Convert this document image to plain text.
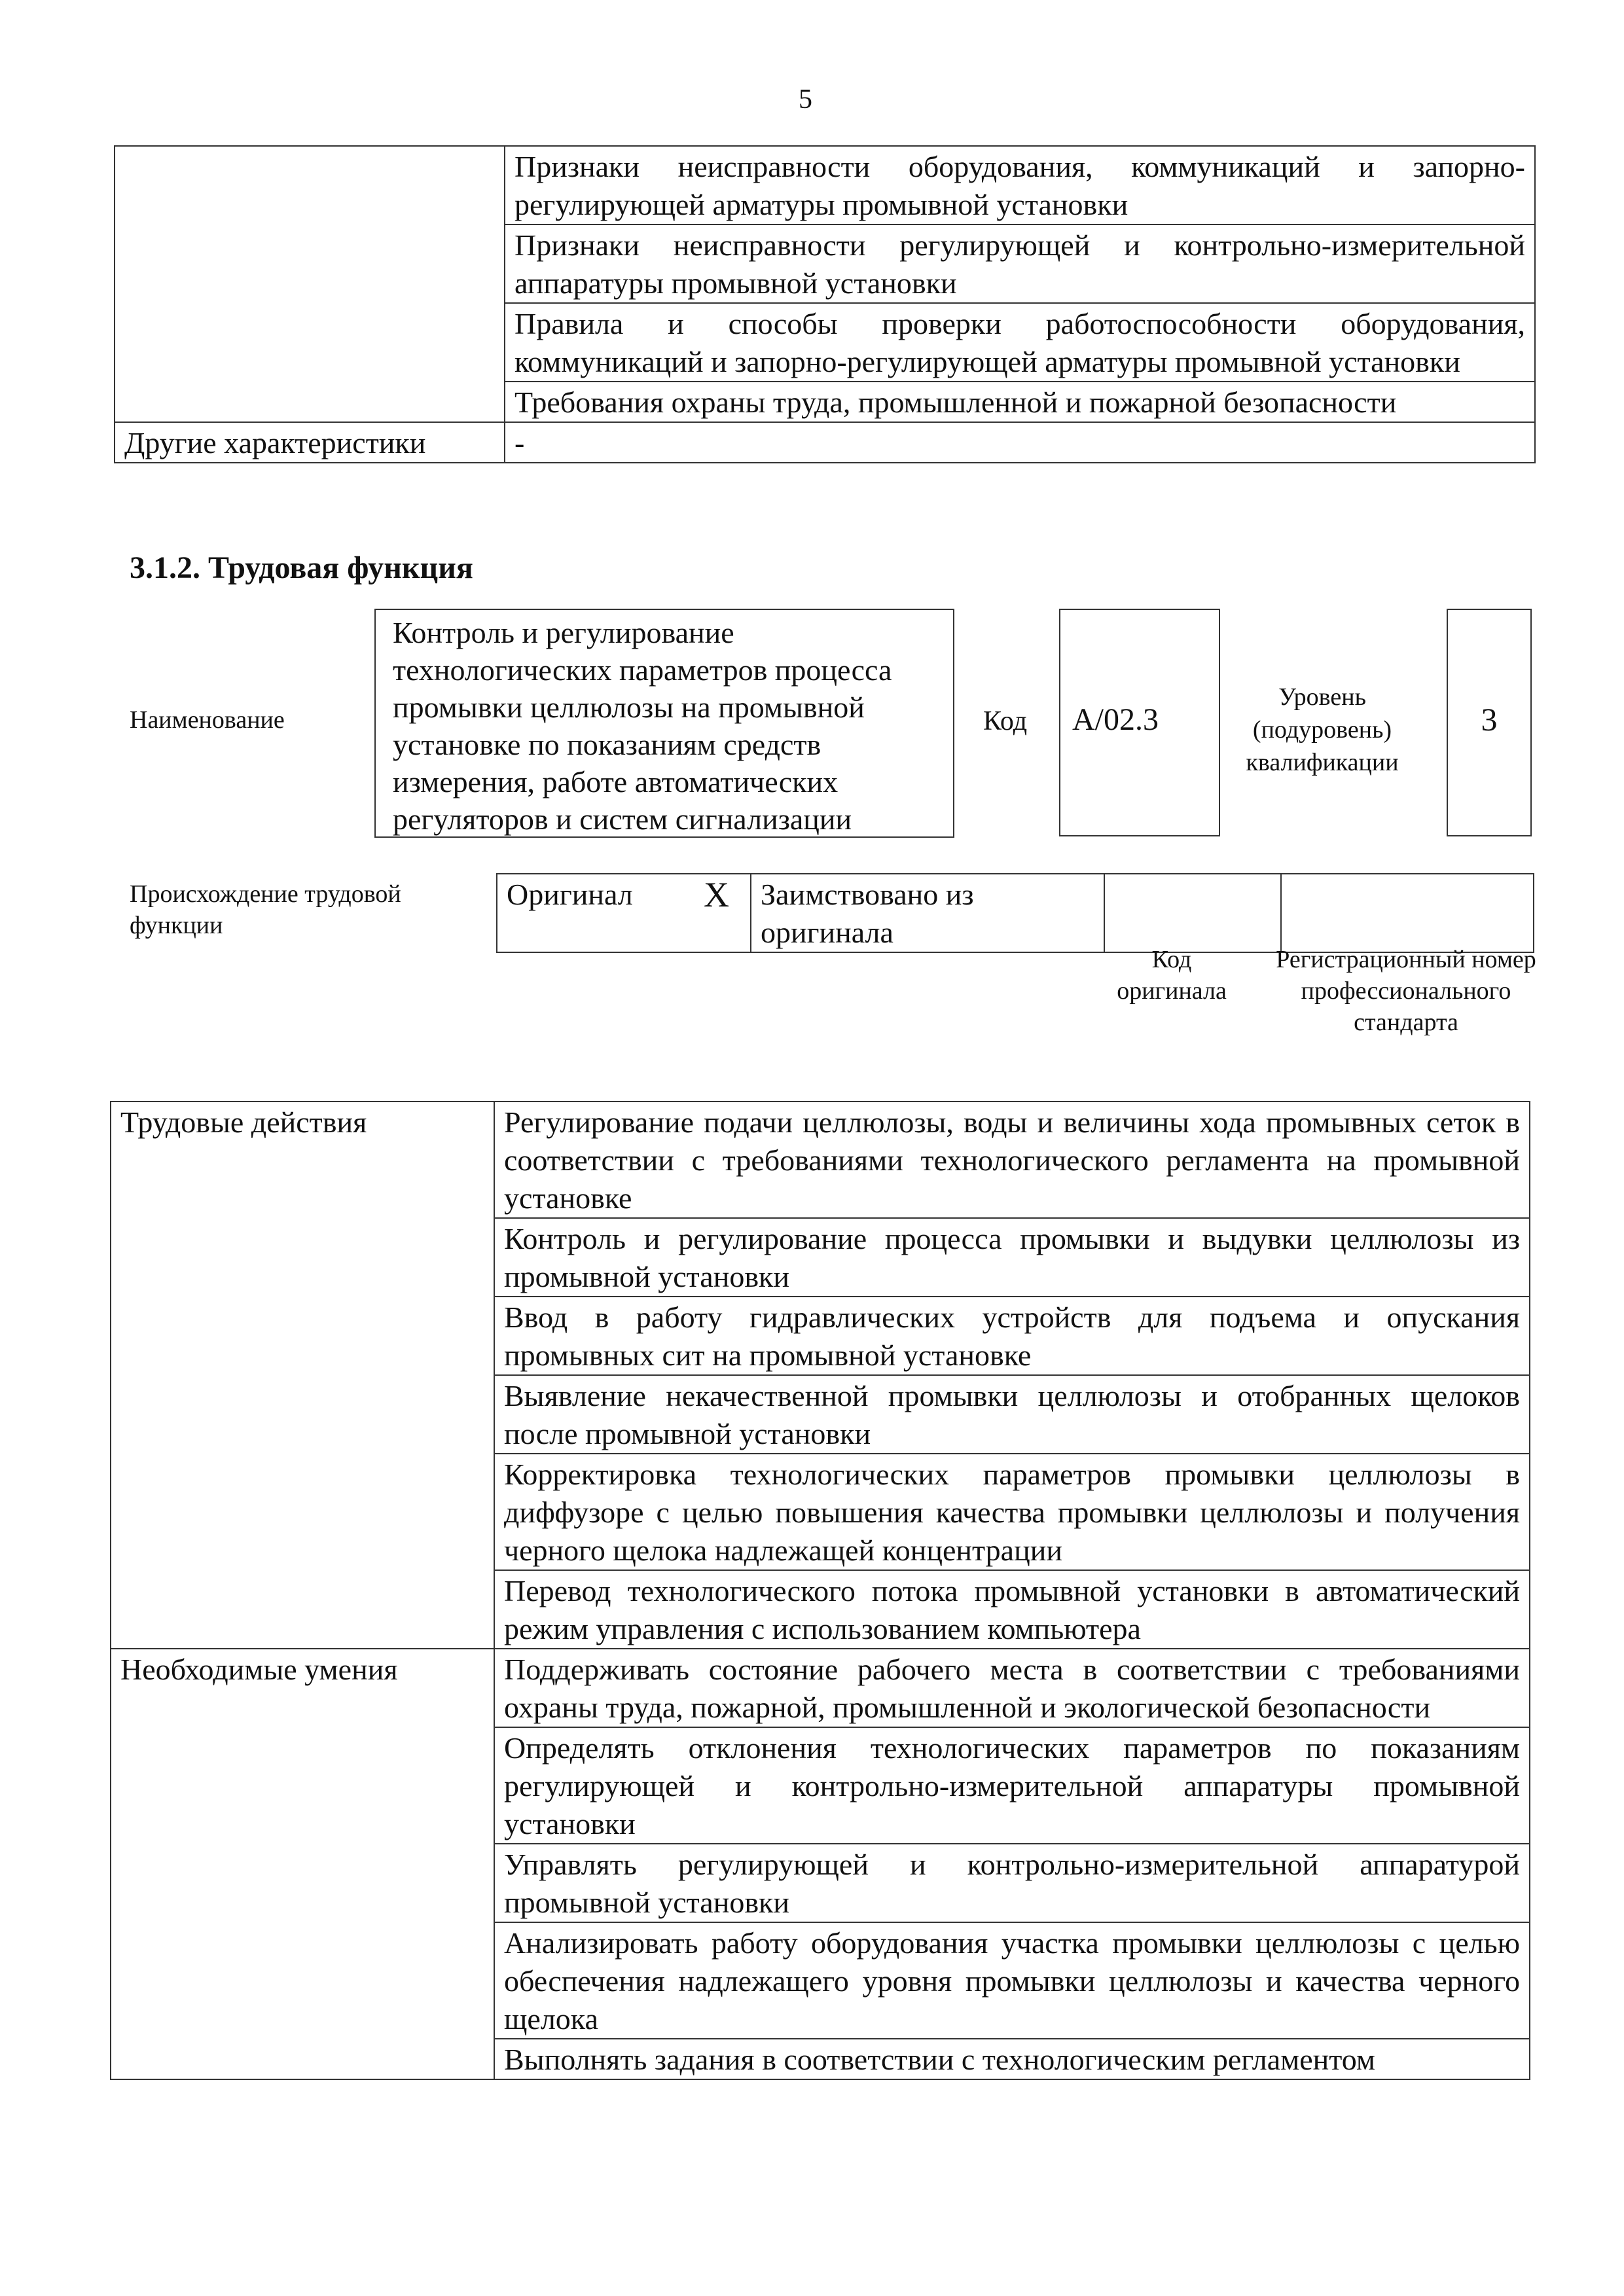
5
	Признаки неисправности оборудования, коммуникаций и запорно-регулирующей арматуры промывной установки
	Признаки неисправности регулирующей и контрольно-измерительной аппаратуры промывной установки
	Правила и способы проверки работоспособности оборудования, коммуникаций и запорно-регулирующей арматуры промывной установки
	Требования охраны труда, промышленной и пожарной безопасности
Другие характеристики	-
3.1.2. Трудовая функция
Наименование
Контроль и регулирование технологических параметров процесса промывки целлюлозы на промывной установке по показаниям средств измерения, работе автоматических регуляторов и систем сигнализации
Код	A/02.3
Уровень (подуровень) квалификации
3
Происхождение трудовой функции
Оригинал X	Заимствовано из оригинала		
Код оригинала
Регистрационный номер профессионального стандарта
Трудовые действия	Регулирование подачи целлюлозы, воды и величины хода промывных сеток в соответствии с требованиями технологического регламента на промывной установке
	Контроль и регулирование процесса промывки и выдувки целлюлозы из промывной установки
	Ввод в работу гидравлических устройств для подъема и опускания промывных сит на промывной установке
	Выявление некачественной промывки целлюлозы и отобранных щелоков после промывной установки
	Корректировка технологических параметров промывки целлюлозы в диффузоре с целью повышения качества промывки целлюлозы и получения черного щелока надлежащей концентрации
	Перевод технологического потока промывной установки в автоматический режим управления с использованием компьютера
Необходимые умения	Поддерживать состояние рабочего места в соответствии с требованиями охраны труда, пожарной, промышленной и экологической безопасности
	Определять отклонения технологических параметров по показаниям регулирующей и контрольно-измерительной аппаратуры промывной установки
	Управлять регулирующей и контрольно-измерительной аппаратурой промывной установки
	Анализировать работу оборудования участка промывки целлюлозы с целью обеспечения надлежащего уровня промывки целлюлозы и качества черного щелока
	Выполнять задания в соответствии с технологическим регламентом
